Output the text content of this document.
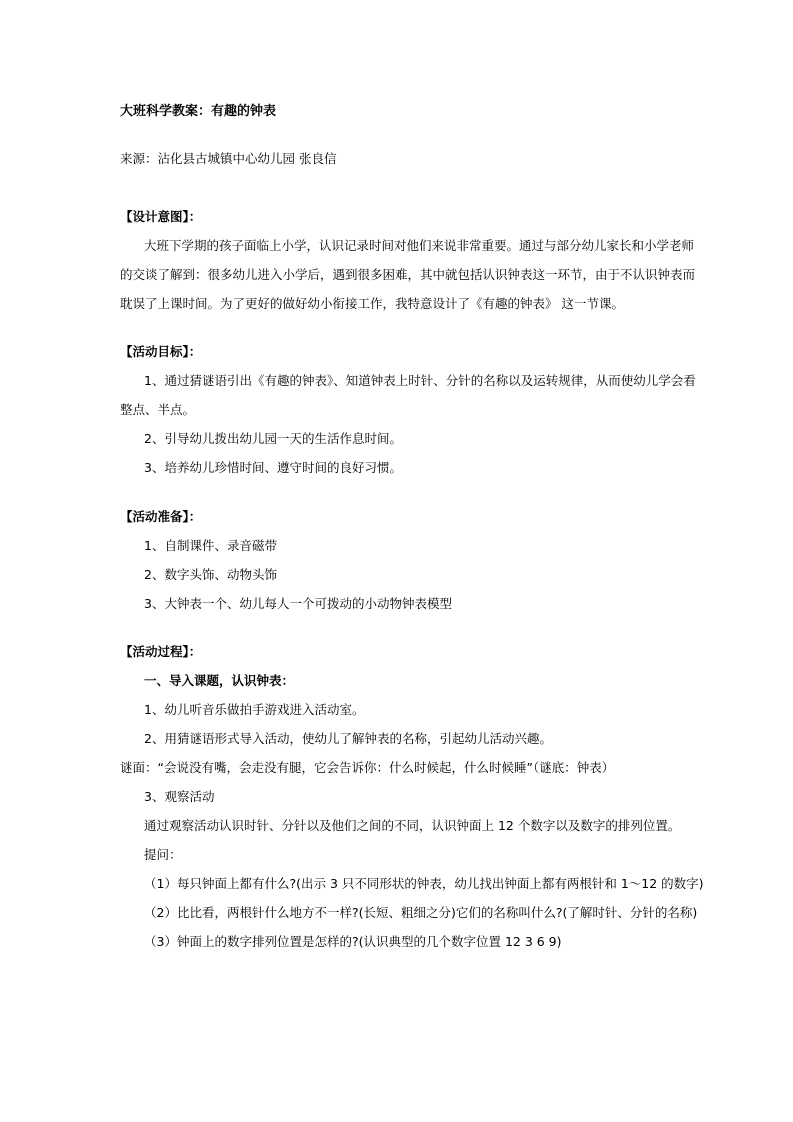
大班科学教案：有趣的钟表
来源：沾化县古城镇中心幼儿园 张良信
【设计意图】：
大班下学期的孩子面临上小学，认识记录时间对他们来说非常重要。通过与部分幼儿家长和小学老师
的交谈了解到：很多幼儿进入小学后，遇到很多困难，其中就包括认识钟表这一环节，由于不认识钟表而
耽误了上课时间。为了更好的做好幼小衔接工作，我特意设计了《有趣的钟表》 这一节课。
【活动目标】：
1、通过猜谜语引出《有趣的钟表》、知道钟表上时针、分针的名称以及运转规律，从而使幼儿学会看
整点、半点。
2、引导幼儿拨出幼儿园一天的生活作息时间。
3、培养幼儿珍惜时间、遵守时间的良好习惯。
【活动准备】：
1、自制课件、录音磁带
2、数字头饰、动物头饰
3、大钟表一个、幼儿每人一个可拨动的小动物钟表模型
【活动过程】：
一、导入课题，认识钟表：
1、幼儿听音乐做拍手游戏进入活动室。
2、用猜谜语形式导入活动，使幼儿了解钟表的名称，引起幼儿活动兴趣。
谜面：“会说没有嘴，会走没有腿，它会告诉你：什么时候起，什么时候睡”（谜底：钟表）
3、观察活动
通过观察活动认识时针、分针以及他们之间的不同，认识钟面上 12 个数字以及数字的排列位置。
提问：
（1）每只钟面上都有什么?(出示 3 只不同形状的钟表，幼儿找出钟面上都有两根针和 1～12 的数字)
（2）比比看，两根针什么地方不一样?(长短、粗细之分)它们的名称叫什么?(了解时针、分针的名称)
（3）钟面上的数字排列位置是怎样的?(认识典型的几个数字位置 12 3 6 9)
